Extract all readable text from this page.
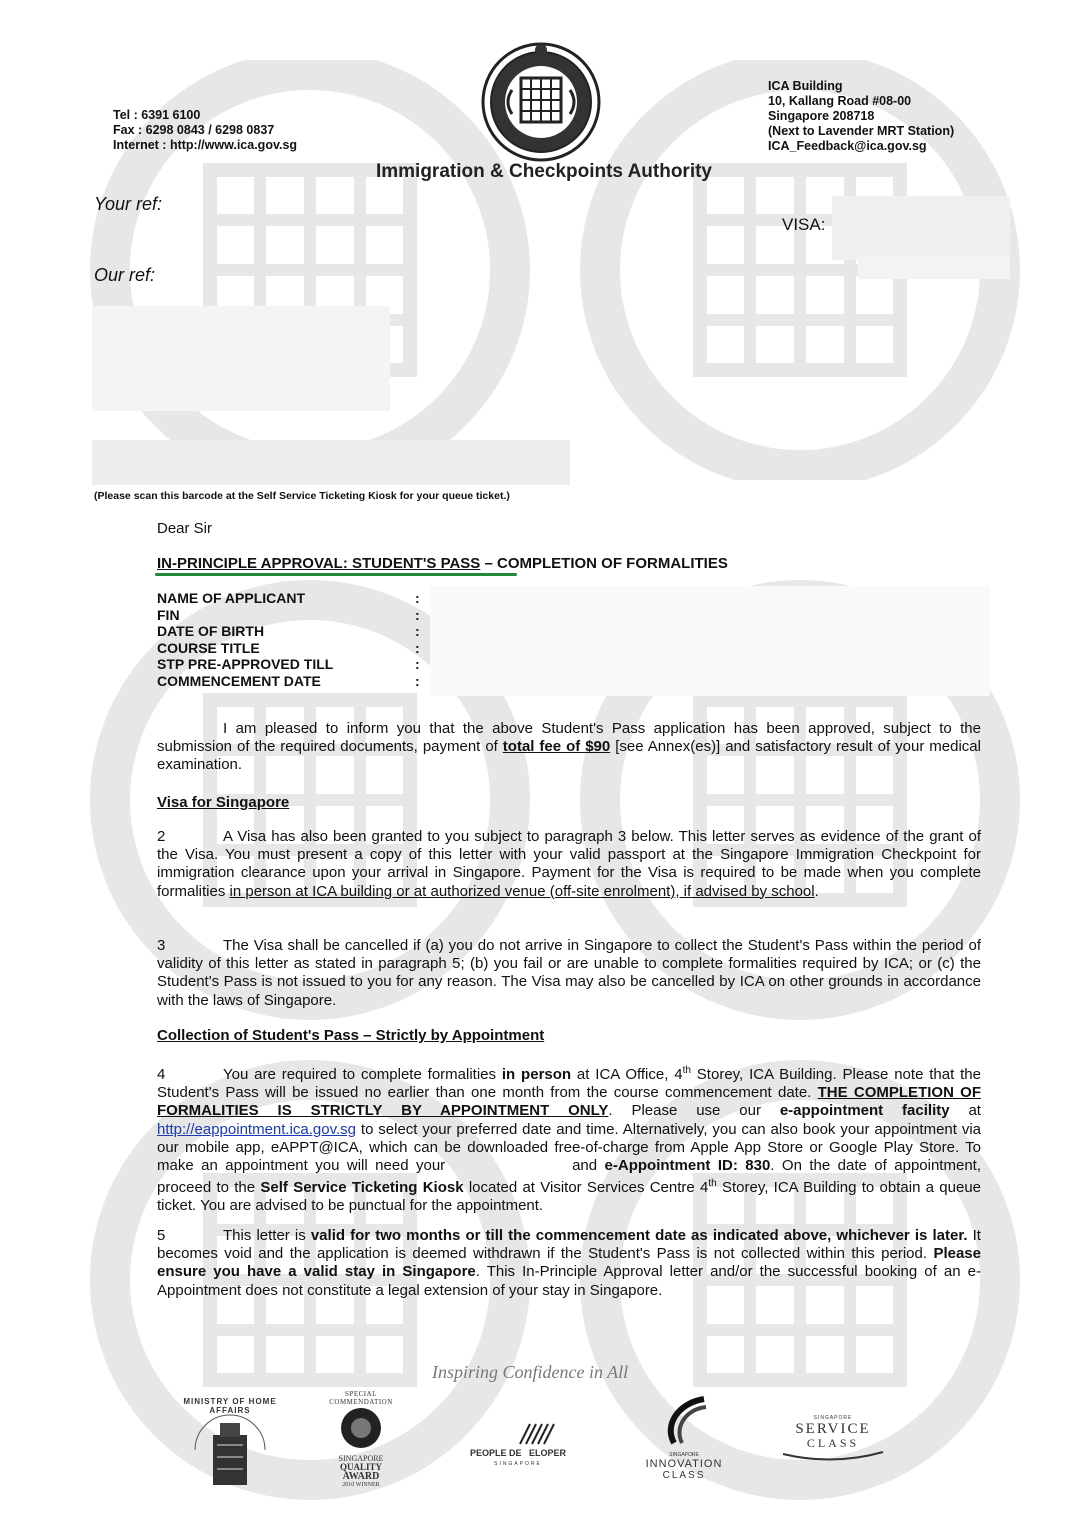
Tel : 6391 6100
Fax : 6298 0843 / 6298 0837
Internet : http://www.ica.gov.sg
ICA Building
10, Kallang Road #08-00
Singapore 208718
(Next to Lavender MRT Station)
ICA_Feedback@ica.gov.sg
Immigration & Checkpoints Authority
Your ref:
Our ref:
VISA:
(Please scan this barcode at the Self Service Ticketing Kiosk for your queue ticket.)
Dear Sir
IN-PRINCIPLE APPROVAL: STUDENT'S PASS – COMPLETION OF FORMALITIES
NAME OF APPLICANT	:
FIN	:
DATE OF BIRTH	:
COURSE TITLE	:
STP PRE-APPROVED TILL	:
COMMENCEMENT DATE	:
I am pleased to inform you that the above Student's Pass application has been approved, subject to the submission of the required documents, payment of total fee of $90 [see Annex(es)] and satisfactory result of your medical examination.
Visa for Singapore
2	A Visa has also been granted to you subject to paragraph 3 below. This letter serves as evidence of the grant of the Visa. You must present a copy of this letter with your valid passport at the Singapore Immigration Checkpoint for immigration clearance upon your arrival in Singapore. Payment for the Visa is required to be made when you complete formalities in person at ICA building or at authorized venue (off-site enrolment), if advised by school.
3	The Visa shall be cancelled if (a) you do not arrive in Singapore to collect the Student's Pass within the period of validity of this letter as stated in paragraph 5; (b) you fail or are unable to complete formalities required by ICA; or (c) the Student's Pass is not issued to you for any reason. The Visa may also be cancelled by ICA on other grounds in accordance with the laws of Singapore.
Collection of Student's Pass – Strictly by Appointment
4	You are required to complete formalities in person at ICA Office, 4th Storey, ICA Building. Please note that the Student's Pass will be issued no earlier than one month from the course commencement date. THE COMPLETION OF FORMALITIES IS STRICTLY BY APPOINTMENT ONLY. Please use our e-appointment facility at http://eappointment.ica.gov.sg to select your preferred date and time. Alternatively, you can also book your appointment via our mobile app, eAPPT@ICA, which can be downloaded free-of-charge from Apple App Store or Google Play Store. To make an appointment you will need your	and e-Appointment ID: 830. On the date of appointment, proceed to the Self Service Ticketing Kiosk located at Visitor Services Centre 4th Storey, ICA Building to obtain a queue ticket. You are advised to be punctual for the appointment.
5	This letter is valid for two months or till the commencement date as indicated above, whichever is later. It becomes void and the application is deemed withdrawn if the Student's Pass is not collected within this period. Please ensure you have a valid stay in Singapore. This In-Principle Approval letter and/or the successful booking of an e-Appointment does not constitute a legal extension of your stay in Singapore.
Inspiring Confidence in All
MINISTRY OF HOME AFFAIRS
SPECIAL COMMENDATION
SINGAPORE
QUALITY
AWARD
2010 WINNER
PEOPLE DE ELOPER
SINGAPORE
SINGAPORE
INNOVATION
CLASS
SINGAPORE
SERVICE
CLASS
